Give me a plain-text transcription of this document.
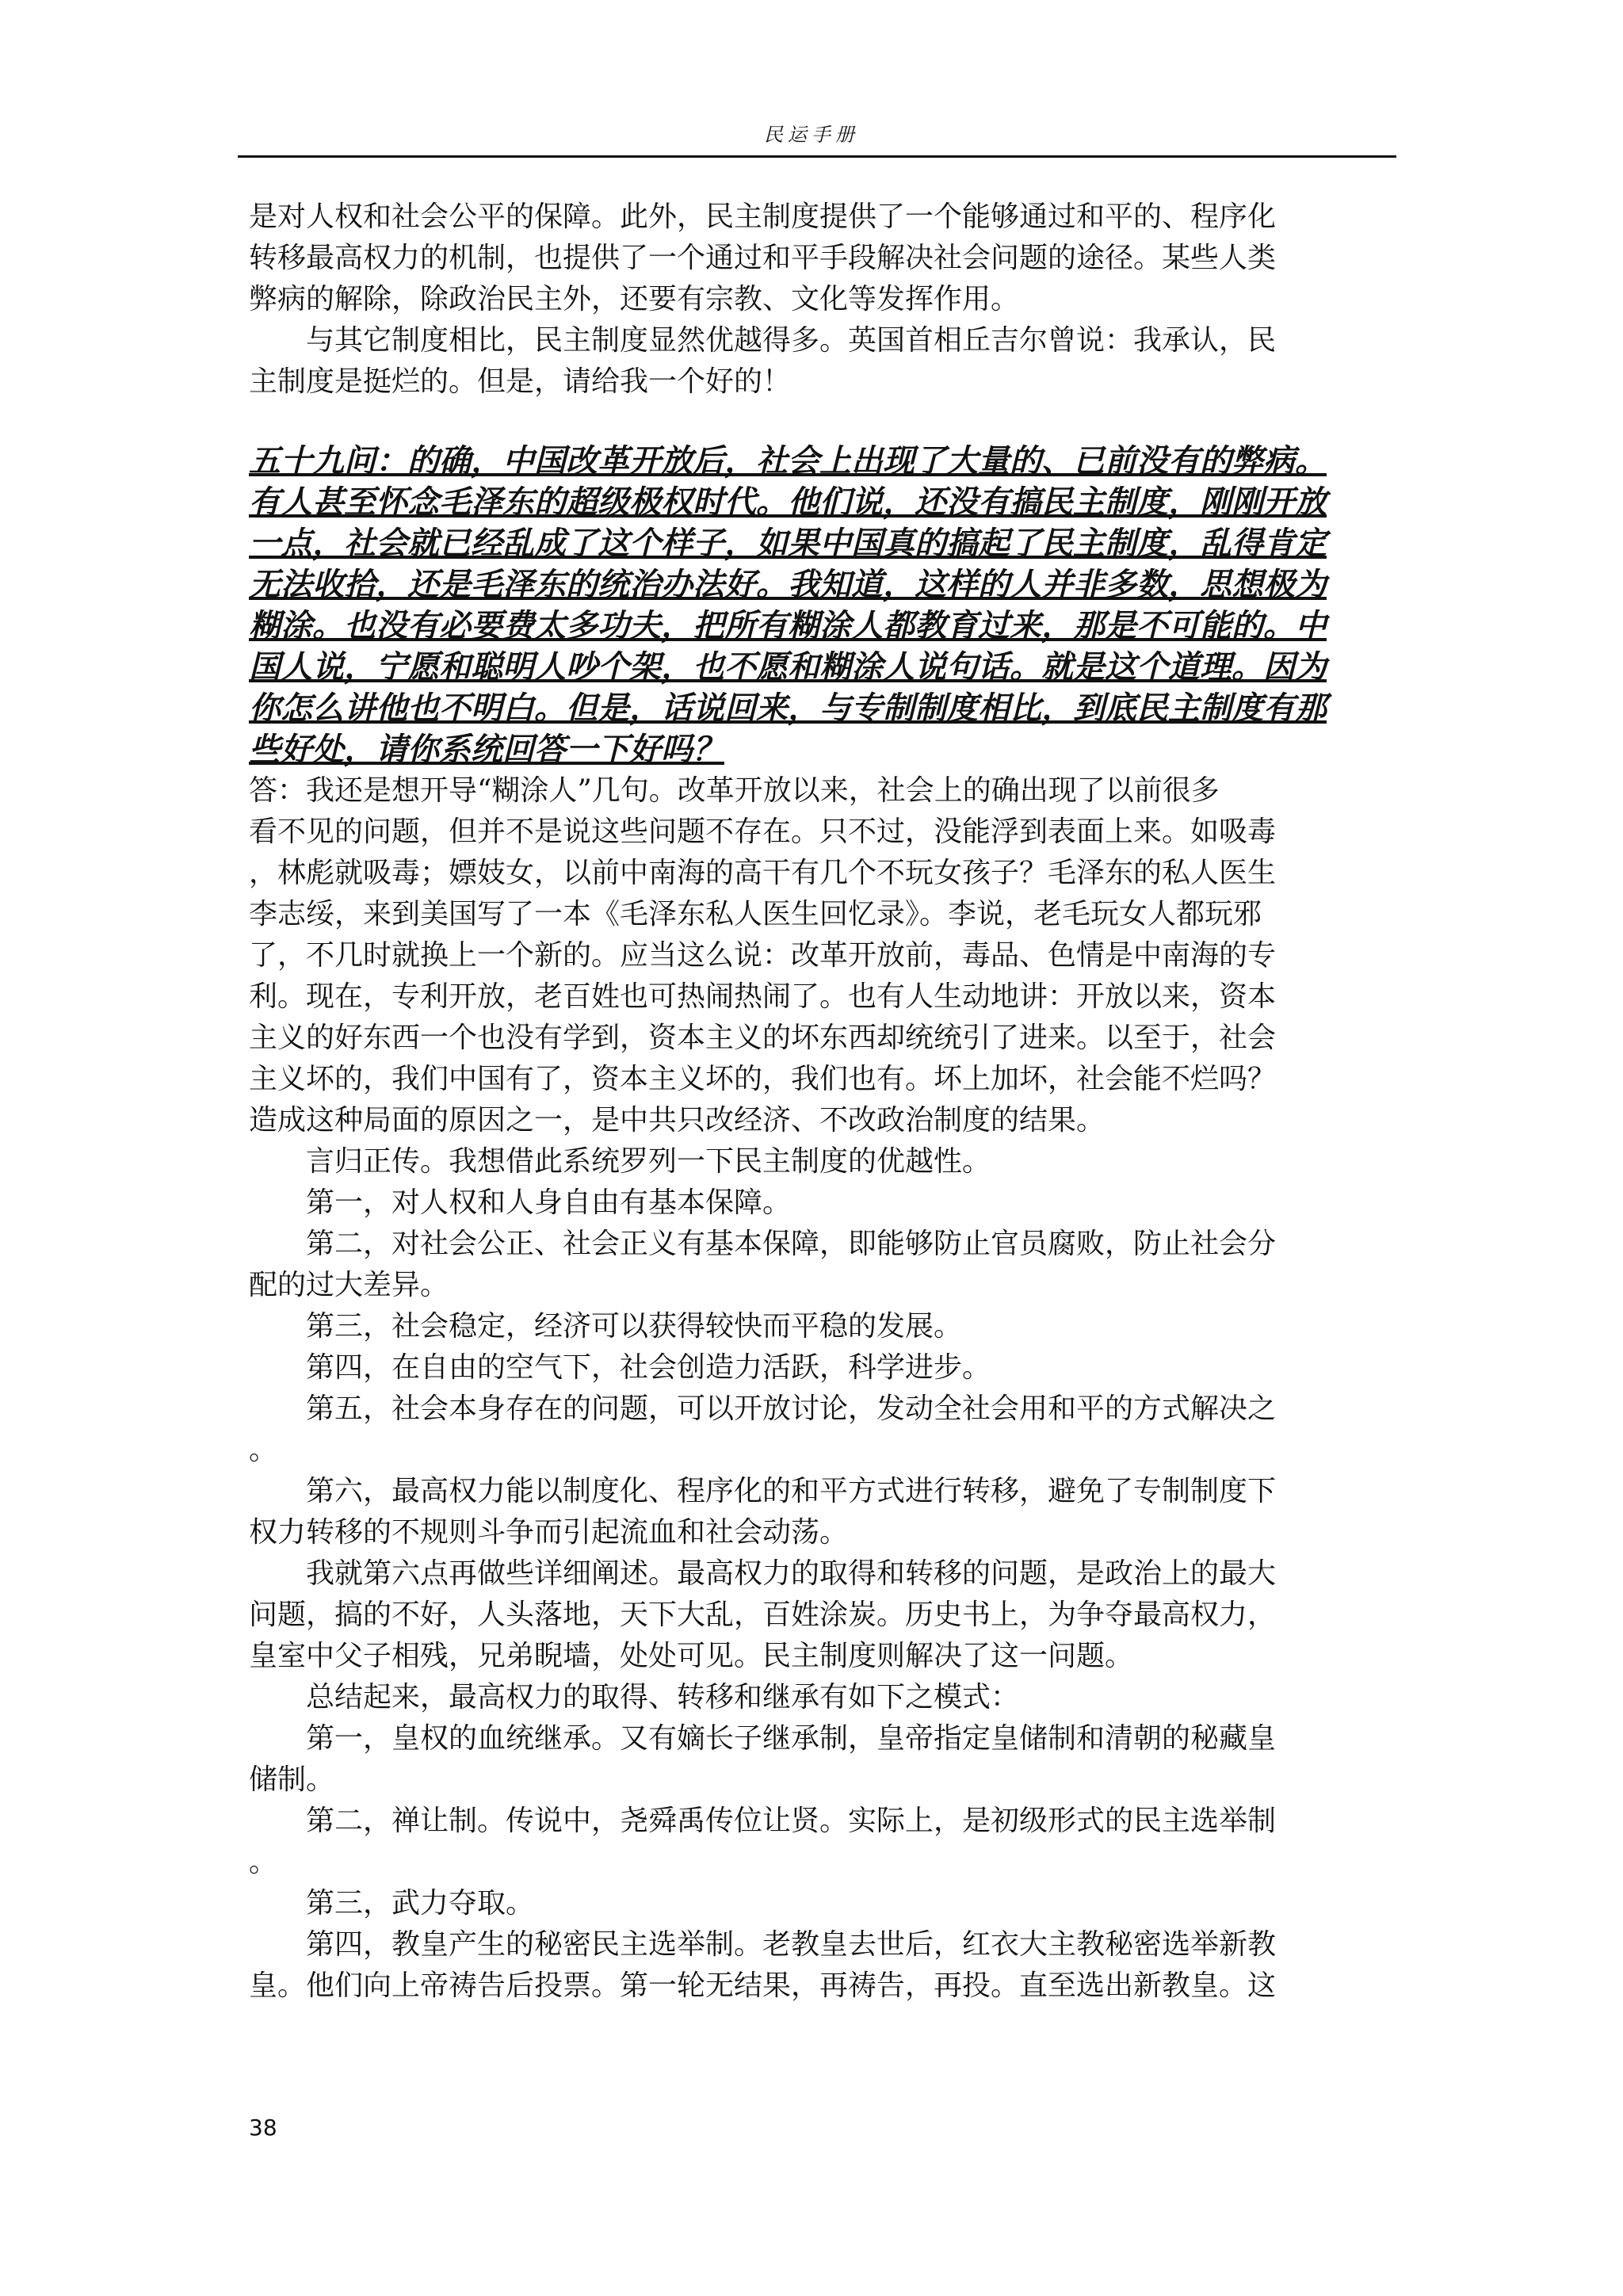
民运手册
是对人权和社会公平的保障。此外，民主制度提供了一个能够通过和平的、程序化
转移最高权力的机制，也提供了一个通过和平手段解决社会问题的途径。某些人类
弊病的解除，除政治民主外，还要有宗教、文化等发挥作用。
与其它制度相比，民主制度显然优越得多。英国首相丘吉尔曾说：我承认，民
主制度是挺烂的。但是，请给我一个好的！
五十九问：的确，中国改革开放后，社会上出现了大量的、已前没有的弊病。
有人甚至怀念毛泽东的超级极权时代。他们说，还没有搞民主制度，刚刚开放
一点，社会就已经乱成了这个样子，如果中国真的搞起了民主制度，乱得肯定
无法收拾，还是毛泽东的统治办法好。我知道，这样的人并非多数，思想极为
糊涂。也没有必要费太多功夫，把所有糊涂人都教育过来，那是不可能的。中
国人说，宁愿和聪明人吵个架，也不愿和糊涂人说句话。就是这个道理。因为
你怎么讲他也不明白。但是，话说回来，与专制制度相比，到底民主制度有那
些好处，请你系统回答一下好吗？
答：我还是想开导“糊涂人”几句。改革开放以来，社会上的确出现了以前很多
看不见的问题，但并不是说这些问题不存在。只不过，没能浮到表面上来。如吸毒
，林彪就吸毒；嫖妓女，以前中南海的高干有几个不玩女孩子？毛泽东的私人医生
李志绥，来到美国写了一本《毛泽东私人医生回忆录》。李说，老毛玩女人都玩邪
了，不几时就换上一个新的。应当这么说：改革开放前，毒品、色情是中南海的专
利。现在，专利开放，老百姓也可热闹热闹了。也有人生动地讲：开放以来，资本
主义的好东西一个也没有学到，资本主义的坏东西却统统引了进来。以至于，社会
主义坏的，我们中国有了，资本主义坏的，我们也有。坏上加坏，社会能不烂吗？
造成这种局面的原因之一，是中共只改经济、不改政治制度的结果。
言归正传。我想借此系统罗列一下民主制度的优越性。
第一，对人权和人身自由有基本保障。
第二，对社会公正、社会正义有基本保障，即能够防止官员腐败，防止社会分
配的过大差异。
第三，社会稳定，经济可以获得较快而平稳的发展。
第四，在自由的空气下，社会创造力活跃，科学进步。
第五，社会本身存在的问题，可以开放讨论，发动全社会用和平的方式解决之
。
第六，最高权力能以制度化、程序化的和平方式进行转移，避免了专制制度下
权力转移的不规则斗争而引起流血和社会动荡。
我就第六点再做些详细阐述。最高权力的取得和转移的问题，是政治上的最大
问题，搞的不好，人头落地，天下大乱，百姓涂炭。历史书上，为争夺最高权力，
皇室中父子相残，兄弟睨墙，处处可见。民主制度则解决了这一问题。
总结起来，最高权力的取得、转移和继承有如下之模式：
第一，皇权的血统继承。又有嫡长子继承制，皇帝指定皇储制和清朝的秘藏皇
储制。
第二，禅让制。传说中，尧舜禹传位让贤。实际上，是初级形式的民主选举制
。
第三，武力夺取。
第四，教皇产生的秘密民主选举制。老教皇去世后，红衣大主教秘密选举新教
皇。他们向上帝祷告后投票。第一轮无结果，再祷告，再投。直至选出新教皇。这
38
